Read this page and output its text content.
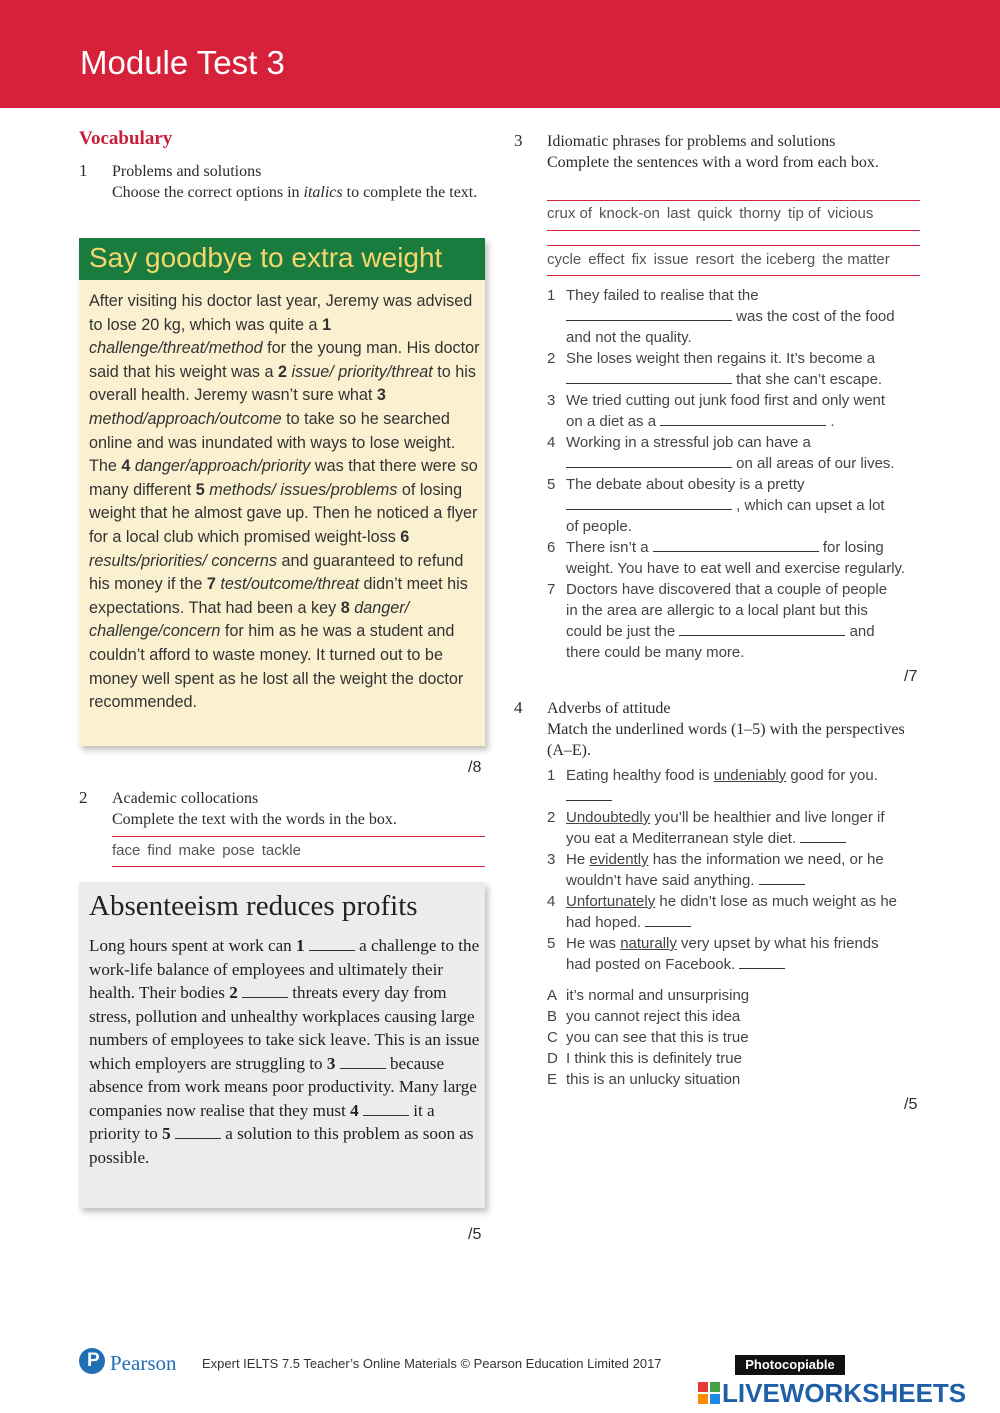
Module Test 3
Vocabulary
1 Problems and solutions
Choose the correct options in italics to complete the text.
Say goodbye to extra weight
After visiting his doctor last year, Jeremy was advised to lose 20 kg, which was quite a 1 challenge/threat/method for the young man. His doctor said that his weight was a 2 issue/ priority/threat to his overall health. Jeremy wasn’t sure what 3 method/approach/outcome to take so he searched online and was inundated with ways to lose weight. The 4 danger/approach/priority was that there were so many different 5 methods/ issues/problems of losing weight that he almost gave up. Then he noticed a flyer for a local club which promised weight-loss 6 results/priorities/ concerns and guaranteed to refund his money if the 7 test/outcome/threat didn’t meet his expectations. That had been a key 8 danger/ challenge/concern for him as he was a student and couldn’t afford to waste money. It turned out to be money well spent as he lost all the weight the doctor recommended.
/8
2 Academic collocations
Complete the text with the words in the box.
face find make pose tackle
Absenteeism reduces profits
Long hours spent at work can 1	a challenge to the work-life balance of employees and ultimately their health. Their bodies 2	threats every day from stress, pollution and unhealthy workplaces causing large numbers of employees to take sick leave. This is an issue which employers are struggling to 3	because absence from work means poor productivity. Many large companies now realise that they must 4	it a priority to 5	a solution to this problem as soon as possible.
/5
3 Idiomatic phrases for problems and solutions
Complete the sentences with a word from each box.
crux of knock-on last quick thorny tip of vicious
cycle effect fix issue resort the iceberg the matter
1 They failed to realise that the
was the cost of the food
and not the quality.
2 She loses weight then regains it. It’s become a
that she can’t escape.
3 We tried cutting out junk food first and only went
on a diet as a	.
4 Working in a stressful job can have a
on all areas of our lives.
5 The debate about obesity is a pretty
, which can upset a lot
of people.
6 There isn’t a	for losing
weight. You have to eat well and exercise regularly.
7 Doctors have discovered that a couple of people
in the area are allergic to a local plant but this
could be just the	and
there could be many more.
/7
4 Adverbs of attitude
Match the underlined words (1–5) with the perspectives (A–E).
1 Eating healthy food is undeniably good for you.
2 Undoubtedly you’ll be healthier and live longer if
you eat a Mediterranean style diet.
3 He evidently has the information we need, or he
wouldn’t have said anything.
4 Unfortunately he didn’t lose as much weight as he
had hoped.
5 He was naturally very upset by what his friends
had posted on Facebook.
A it’s normal and unsurprising
B you cannot reject this idea
C you can see that this is true
D I think this is definitely true
E this is an unlucky situation
/5
P Pearson Expert IELTS 7.5 Teacher’s Online Materials © Pearson Education Limited 2017	Photocopiable
LIVEWORKSHEETS
